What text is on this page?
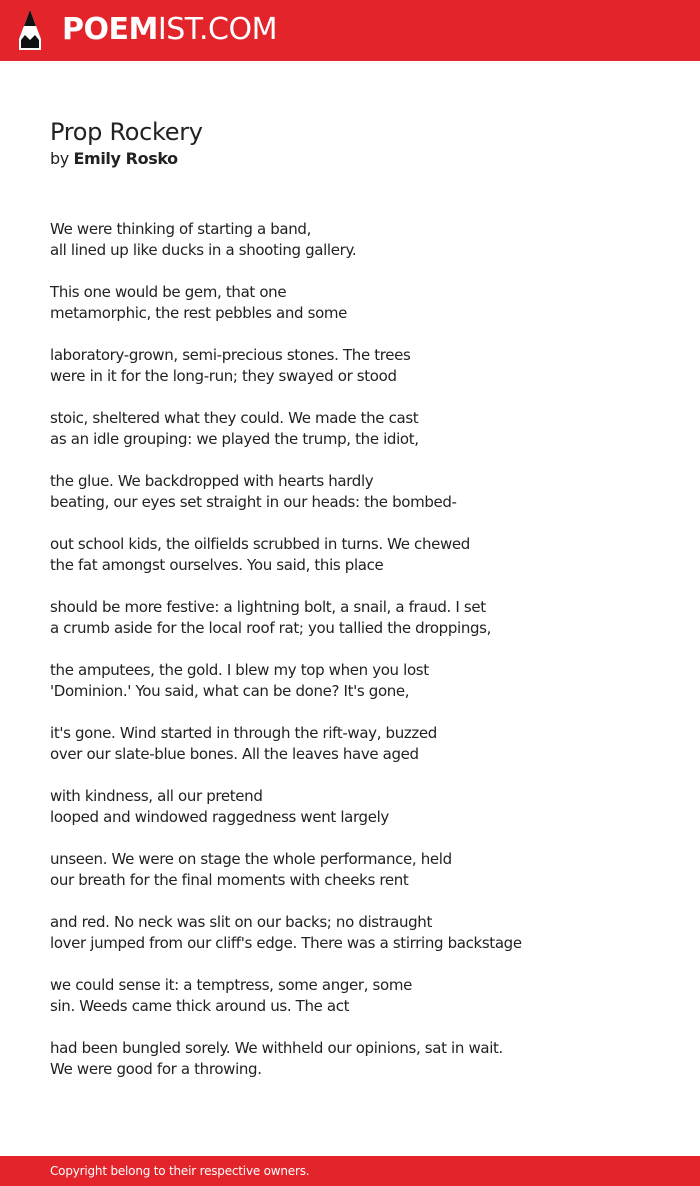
POEMIST.COM
Prop Rockery
by Emily Rosko
We were thinking of starting a band,
all lined up like ducks in a shooting gallery.
This one would be gem, that one
metamorphic, the rest pebbles and some
laboratory-grown, semi-precious stones. The trees
were in it for the long-run; they swayed or stood
stoic, sheltered what they could. We made the cast
as an idle grouping: we played the trump, the idiot,
the glue. We backdropped with hearts hardly
beating, our eyes set straight in our heads: the bombed-
out school kids, the oilfields scrubbed in turns. We chewed
the fat amongst ourselves. You said, this place
should be more festive: a lightning bolt, a snail, a fraud. I set
a crumb aside for the local roof rat; you tallied the droppings,
the amputees, the gold. I blew my top when you lost
'Dominion.' You said, what can be done? It's gone,
it's gone. Wind started in through the rift-way, buzzed
over our slate-blue bones. All the leaves have aged
with kindness, all our pretend
looped and windowed raggedness went largely
unseen. We were on stage the whole performance, held
our breath for the final moments with cheeks rent
and red. No neck was slit on our backs; no distraught
lover jumped from our cliff's edge. There was a stirring backstage
we could sense it: a temptress, some anger, some
sin. Weeds came thick around us. The act
had been bungled sorely. We withheld our opinions, sat in wait.
We were good for a throwing.
Copyright belong to their respective owners.
